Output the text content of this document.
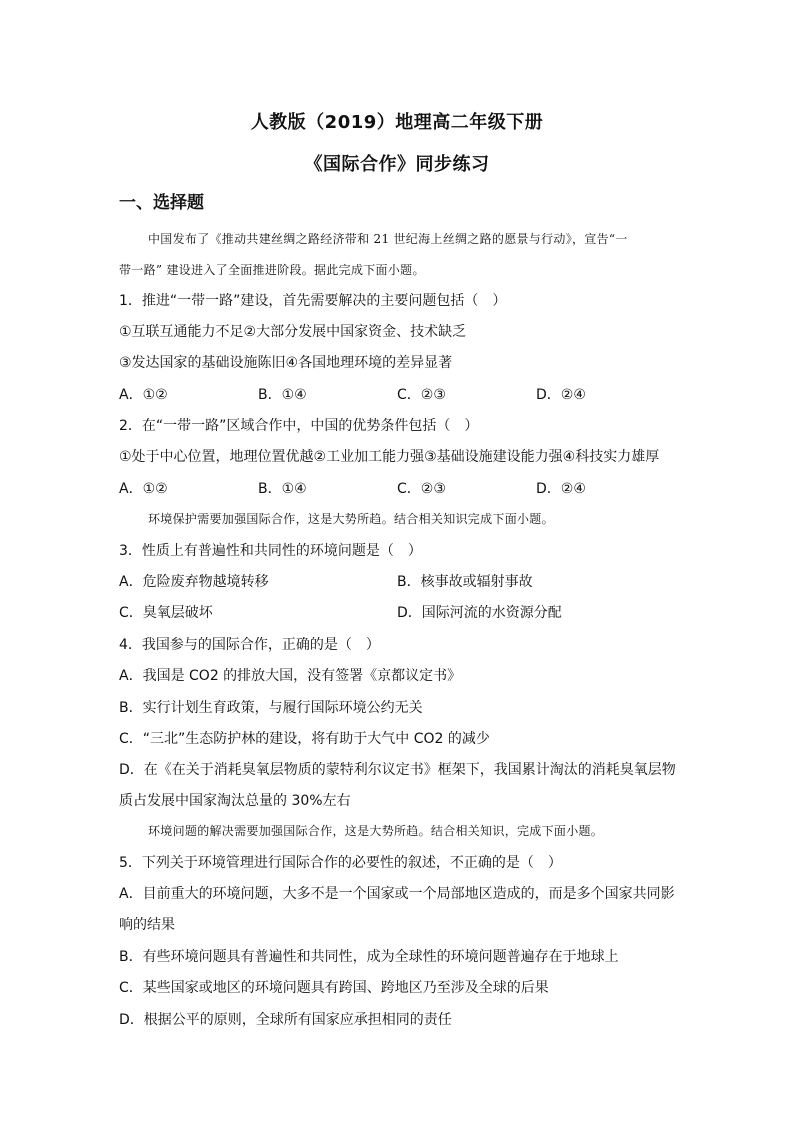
人教版（2019）地理高二年级下册
《国际合作》同步练习
一、选择题
中国发布了《推动共建丝绸之路经济带和 21 世纪海上丝绸之路的愿景与行动》，宣告“一
带一路” 建设进入了全面推进阶段。据此完成下面小题。
1．推进“一带一路”建设，首先需要解决的主要问题包括（　）
①互联互通能力不足②大部分发展中国家资金、技术缺乏
③发达国家的基础设施陈旧④各国地理环境的差异显著
A．①②	B．①④	C．②③	D．②④
2．在“一带一路”区域合作中，中国的优势条件包括（　）
①处于中心位置，地理位置优越②工业加工能力强③基础设施建设能力强④科技实力雄厚
A．①②	B．①④	C．②③	D．②④
环境保护需要加强国际合作，这是大势所趋。结合相关知识完成下面小题。
3．性质上有普遍性和共同性的环境问题是（　）
A．危险废弃物越境转移	B．核事故或辐射事故
C．臭氧层破坏	D．国际河流的水资源分配
4．我国参与的国际合作，正确的是（　）
A．我国是 CO2 的排放大国，没有签署《京都议定书》
B．实行计划生育政策，与履行国际环境公约无关
C．“三北”生态防护林的建设，将有助于大气中 CO2 的减少
D．在《在关于消耗臭氧层物质的蒙特利尔议定书》框架下，我国累计淘汰的消耗臭氧层物
质占发展中国家淘汰总量的 30%左右
环境问题的解决需要加强国际合作，这是大势所趋。结合相关知识，完成下面小题。
5．下列关于环境管理进行国际合作的必要性的叙述，不正确的是（　）
A．目前重大的环境问题，大多不是一个国家或一个局部地区造成的，而是多个国家共同影
响的结果
B．有些环境问题具有普遍性和共同性，成为全球性的环境问题普遍存在于地球上
C．某些国家或地区的环境问题具有跨国、跨地区乃至涉及全球的后果
D．根据公平的原则，全球所有国家应承担相同的责任
